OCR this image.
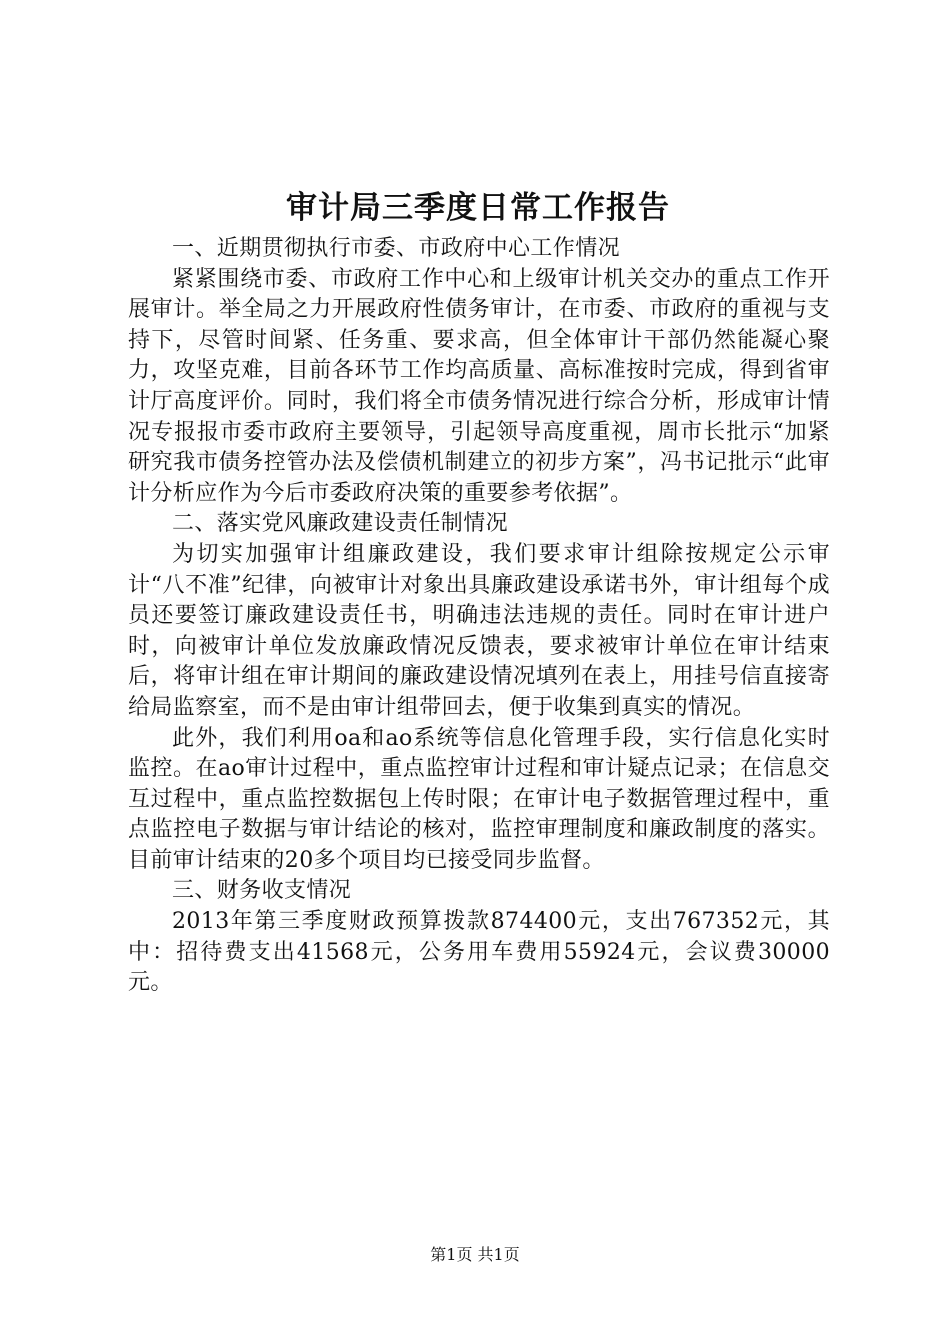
审计局三季度日常工作报告

一、近期贯彻执行市委、市政府中心工作情况

紧紧围绕市委、市政府工作中心和上级审计机关交办的重点工作开展审计。举全局之力开展政府性债务审计，在市委、市政府的重视与支持下，尽管时间紧、任务重、要求高，但全体审计干部仍然能凝心聚力，攻坚克难，目前各环节工作均高质量、高标准按时完成，得到省审计厅高度评价。同时，我们将全市债务情况进行综合分析，形成审计情况专报报市委市政府主要领导，引起领导高度重视，周市长批示“加紧研究我市债务控管办法及偿债机制建立的初步方案”，冯书记批示“此审计分析应作为今后市委政府决策的重要参考依据”。

二、落实党风廉政建设责任制情况

为切实加强审计组廉政建设，我们要求审计组除按规定公示审计“八不准”纪律，向被审计对象出具廉政建设承诺书外，审计组每个成员还要签订廉政建设责任书，明确违法违规的责任。同时在审计进户时，向被审计单位发放廉政情况反馈表，要求被审计单位在审计结束后，将审计组在审计期间的廉政建设情况填列在表上，用挂号信直接寄给局监察室，而不是由审计组带回去，便于收集到真实的情况。

此外，我们利用oa和ao系统等信息化管理手段，实行信息化实时监控。在ao审计过程中，重点监控审计过程和审计疑点记录；在信息交互过程中，重点监控数据包上传时限；在审计电子数据管理过程中，重点监控电子数据与审计结论的核对，监控审理制度和廉政制度的落实。目前审计结束的20多个项目均已接受同步监督。

三、财务收支情况

2013年第三季度财政预算拨款874400元，支出767352元，其中：招待费支出41568元，公务用车费用55924元，会议费30000元。

第1页 共1页
